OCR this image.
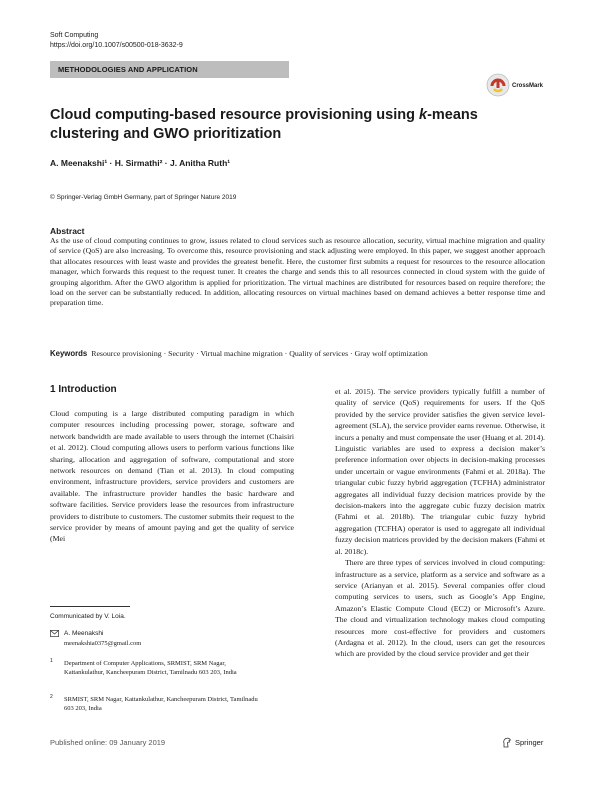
Soft Computing
https://doi.org/10.1007/s00500-018-3632-9
METHODOLOGIES AND APPLICATION
CrossMark
Cloud computing-based resource provisioning using k-means clustering and GWO prioritization
A. Meenakshi¹ · H. Sirmathi² · J. Anitha Ruth¹
© Springer-Verlag GmbH Germany, part of Springer Nature 2019
Abstract
As the use of cloud computing continues to grow, issues related to cloud services such as resource allocation, security, virtual machine migration and quality of service (QoS) are also increasing. To overcome this, resource provisioning and stack adjusting were employed. In this paper, we suggest another approach that allocates resources with least waste and provides the greatest benefit. Here, the customer first submits a request for resources to the resource allocation manager, which forwards this request to the request tuner. It creates the charge and sends this to all resources connected in cloud system with the guide of grouping algorithm. After the GWO algorithm is applied for prioritization. The virtual machines are distributed for resources based on require therefore; the load on the server can be substantially reduced. In addition, allocating resources on virtual machines based on demand achieves a better response time and preparation time.
Keywords Resource provisioning · Security · Virtual machine migration · Quality of services · Gray wolf optimization
1 Introduction
Cloud computing is a large distributed computing paradigm in which computer resources including processing power, storage, software and network bandwidth are made available to users through the internet (Chaisiri et al. 2012). Cloud computing allows users to perform various functions like sharing, allocation and aggregation of software, computational and store network resources on demand (Tian et al. 2013). In cloud computing environment, infrastructure providers, service providers and customers are available. The infrastructure provider handles the basic hardware and software facilities. Service providers lease the resources from infrastructure providers to distribute to customers. The customer submits their request to the service provider by means of amount paying and get the quality of service (Mei

et al. 2015). The service providers typically fulfill a number of quality of service (QoS) requirements for users. If the QoS provided by the service provider satisfies the given service level-agreement (SLA), the service provider earns revenue. Otherwise, it incurs a penalty and must compensate the user (Huang et al. 2014). Linguistic variables are used to express a decision maker’s preference information over objects in decision-making processes under uncertain or vague environments (Fahmi et al. 2018a). The triangular cubic fuzzy hybrid aggregation (TCFHA) administrator aggregates all individual fuzzy decision matrices provide by the decision-makers into the aggregate cubic fuzzy decision matrix (Fahmi et al. 2018b). The triangular cubic fuzzy hybrid aggregation (TCFHA) operator is used to aggregate all individual fuzzy decision matrices provided by the decision makers (Fahmi et al. 2018c).

There are three types of services involved in cloud computing: infrastructure as a service, platform as a service and software as a service (Arianyan et al. 2015). Several companies offer cloud computing services to users, such as Google’s App Engine, Amazon’s Elastic Compute Cloud (EC2) or Microsoft’s Azure. The cloud and virtualization technology makes cloud computing resources more cost-effective for providers and customers (Ardagna et al. 2012). In the cloud, users can get the resources which are provided by the cloud service provider and get their

Communicated by V. Loia.
A. Meenakshi
meenakshia0375@gmail.com
1 Department of Computer Applications, SRMIST, SRM Nagar, Kattankulathur, Kancheepuram District, Tamilnadu 603 203, India
2 SRMIST, SRM Nagar, Kattankulathur, Kancheepuram District, Tamilnadu 603 203, India
Published online: 09 January 2019	Springer
